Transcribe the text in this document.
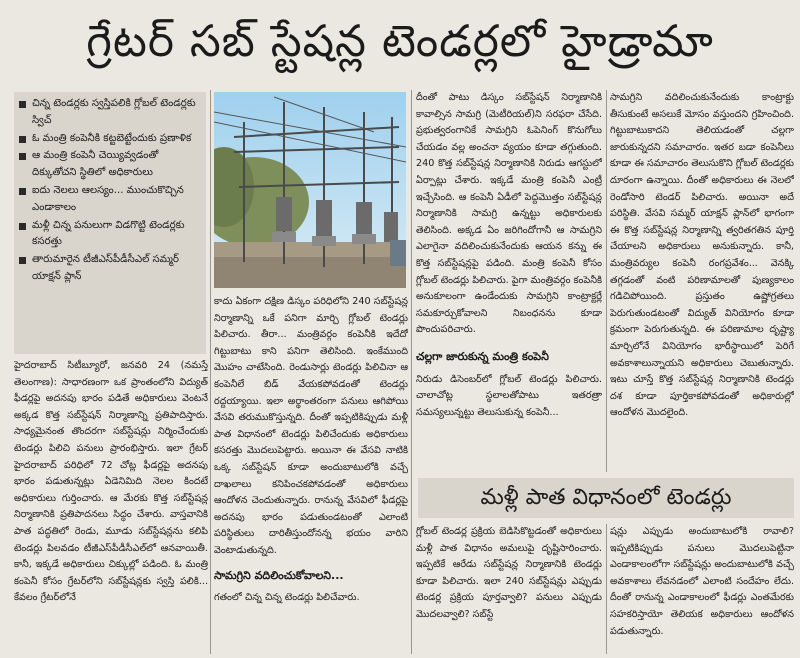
గ్రేటర్ సబ్ స్టేషన్ల టెండర్లలో హైడ్రామా
చిన్న టెండర్లకు స్వస్తిపలికి గ్లోబల్ టెండర్లకు స్విచ్
ఓ మంత్రి కంపెనీకి కట్టబెట్టేందుకు ప్రణాళిక
ఆ మంత్రి కంపెనీ చెయ్యివ్వడంతో దిక్కుతోచని స్థితిలో అధికారులు
ఐదు నెలలు ఆలస్యం... ముంచుకొచ్చిన ఎండాకాలం
మళ్లీ చిన్న పనులుగా విడగొట్టి టెండర్లకు కసరత్తు
తారుమారైన టీజీఎస్‌పీడీసీఎల్ సమ్మర్ యాక్షన్ ప్లాన్

హైదరాబాద్ సిటీబ్యూరో, జనవరి 24 (నమస్తే తెలంగాణ): సాధారణంగా ఒక ప్రాంతంలోని విద్యుత్ ఫీడర్లపై అదనపు భారం పడితే అధికారులు వెంటనే అక్కడ కొత్త సబ్‌స్టేషన్ నిర్మాణాన్ని ప్రతిపాదిస్తారు. సాధ్యమైనంత తొందరగా సబ్‌స్టేషన్లు నిర్మించేందుకు టెండర్లు పిలిచి పనులు ప్రారంభిస్తారు. ఇలా గ్రేటర్ హైదరాబాద్ పరిధిలో 72 చోట్ల ఫీడర్లపై అదనపు భారం పడుతున్నట్లు ఏడెనిమిది నెలల కిందటే అధికారులు గుర్తించారు. ఆ మేరకు కొత్త సబ్‌స్టేషన్ల నిర్మాణానికి ప్రతిపాదనలు సిద్ధం చేశారు. వాస్తవానికి పాత పద్ధతిలో రెండు, మూడు సబ్‌స్టేషన్లను కలిపి టెండర్లు పిలవడం టీజీఎస్‌పీడీసీఎల్‌లో ఆనవాయితీ. కానీ, ఇక్కడే అధికారులు చిక్కుల్లో పడింది. ఓ మంత్రి కంపెనీ కోసం గ్రేటర్‌లోని సబ్‌స్టేషన్లకు స్వస్తి పలికి... కేవలం గ్రేటర్‌లోనే

కాదు ఏకంగా దక్షిణ డిస్కం పరిధిలోని 240 సబ్‌స్టేషన్ల నిర్మాణాన్ని ఒకే పనిగా మార్చి గ్లోబల్ టెండర్లు పిలిచారు. తీరా... మంత్రివర్గం కంపెనీకి ఇదేదో గిట్టుబాటు కాని పనిగా తెలిసింది. ఇంకేముంది మొహం చాటేసింది. రెండుసార్లు టెండర్లు పిలిచినా ఆ కంపెనీలే బిడ్ వేయకపోవడంతో టెండర్లు రద్దయ్యాయి. ఇలా అర్థాంతరంగా పనులు ఆగిపోయి వేసవి తరుముకొస్తున్నది. దీంతో ఇప్పటికిప్పుడు మళ్లీ పాత విధానంలో టెండర్లు పిలిచేందుకు అధికారులు కసరత్తు మొదలుపెట్టారు. అయినా ఈ వేసవి నాటికి ఒక్క సబ్‌స్టేషన్ కూడా అందుబాటులోకి వచ్చే దాఖలాలు కనిపించకపోవడంతో అధికారులు ఆందోళన చెందుతున్నారు. రానున్న వేసవిలో ఫీడర్లపై అదనపు భారం పడుతుండటంతో ఎలాంటి పరిస్థితులు దారితీస్తుందోనన్న భయం వారిని వెంటాడుతున్నది.

సామగ్రిని వదిలించుకోవాలని...

గతంలో చిన్న చిన్న టెండర్లు పిలిచేవారు.

దీంతో పాటు డిస్కం సబ్‌స్టేషన్ నిర్మాణానికి కావాల్సిన సామగ్రి (మెటీరియల్)ని సరఫరా చేసేది. ప్రభుత్వరంగానికే సామగ్రిని ఓపెనింగ్ కొనుగోలు చేయడం వల్ల అంచనా వ్యయం కూడా తగ్గుతుంది. 240 కొత్త సబ్‌స్టేషన్ల నిర్మాణానికి నిరుడు ఆగస్టులో ఏర్పాట్లు చేశారు. ఇక్కడే మంత్రి కంపెనీ ఎంట్రీ ఇచ్చేసింది. ఆ కంపెనీ ఏడీలో పెద్దమొత్తం సబ్‌స్టేషన్ల నిర్మాణానికి సామగ్రి ఉన్నట్టు అధికారులకు తెలిసింది. అక్కడ ఏం జరిగిందోగానీ ఆ సామగ్రిని ఎలాగైనా వదిలించుకునేందుకు ఆయన కన్ను ఈ కొత్త సబ్‌స్టేషన్లపై పడింది. మంత్రి కంపెనీ కోసం గ్లోబల్ టెండర్లు పిలిచారు. పైగా మంత్రివర్గం కంపెనీకి అనుకూలంగా ఉండేందుకు సామగ్రిని కాంట్రాక్టర్లే సమకూర్చుకోవాలని నిబంధనను కూడా పొందుపరిచారు.

చల్లగా జారుకున్న మంత్రి కంపెనీ

నిరుడు డిసెంబర్‌లో గ్లోబల్ టెండర్లు పిలిచారు. చాలాచోట్ల స్థలాలతోపాటు ఇతరత్రా సమస్యలున్నట్టు తెలుసుకున్న కంపెనీ...

సామగ్రిని వదిలించుకునేందుకు కాంట్రాక్టు తీసుకుంటే అసలుకే మోసం వస్తుందని గ్రహించింది. గిట్టుబాటుకాదని తెలియడంతో చల్లగా జారుకున్నదని సమాచారం. ఇతర బడా కంపెనీలు కూడా ఈ సమాచారం తెలుసుకొని గ్లోబల్ టెండర్లకు దూరంగా ఉన్నాయి. దీంతో అధికారులు ఈ నెలలో రెండోసారి టెండర్ పిలిచారు. అయినా అదే పరిస్థితి. వేసవి సమ్మర్ యాక్షన్ ప్లాన్‌లో భాగంగా ఈ కొత్త సబ్‌స్టేషన్ల నిర్మాణాన్ని త్వరితగతిన పూర్తి చేయాలని అధికారులు అనుకున్నారు. కానీ, మంత్రివర్యుల కంపెనీ రంగప్రవేశం... వెనక్కి తగ్గడంతో వంటి పరిణామాలతో పుణ్యకాలం గడిచిపోయింది. ప్రస్తుతం ఉష్ణోగ్రతలు పెరుగుతుండటంతో విద్యుత్ వినియోగం కూడా క్రమంగా పెరుగుతున్నది. ఈ పరిణామాల దృష్ట్యా మార్చిలోనే వినియోగం భారీస్థాయిలో పెరిగే అవకాశాలున్నాయని అధికారులు చెబుతున్నారు. ఇటు చూస్తే కొత్త సబ్‌స్టేషన్ల నిర్మాణానికి టెండర్లు దశ కూడా పూర్తికాకపోవడంతో అధికారుల్లో ఆందోళన మొదలైంది.

మళ్లీ పాత విధానంలో టెండర్లు

గ్లోబల్ టెండర్ల ప్రక్రియ బెడిసికొట్టడంతో అధికారులు మళ్లీ పాత విధానం అమలుపై దృష్టిసారించారు. ఇప్పటికే ఆరేడు సబ్‌స్టేషన్ల నిర్మాణానికి టెండర్లు కూడా పిలిచారు. ఇలా 240 సబ్‌స్టేషన్లు ఎప్పుడు టెండర్ల ప్రక్రియ పూర్తవ్వాలి? పనులు ఎప్పుడు మొదలవ్వాలి? సబ్‌స్టే

షన్లు ఎప్పుడు అందుబాటులోకి రావాలి? ఇప్పటికిప్పుడు పనులు మొదలుపెట్టినా ఎండాకాలంలోగా సబ్‌స్టేషన్లు అందుబాటులోకి వచ్చే అవకాశాలు లేవనడంలో ఎలాంటి సందేహం లేదు. దీంతో రానున్న ఎండాకాలంలో ఫీడర్లు ఎంతమేరకు సహకరిస్తాయో తెలియక అధికారులు ఆందోళన పడుతున్నారు.
